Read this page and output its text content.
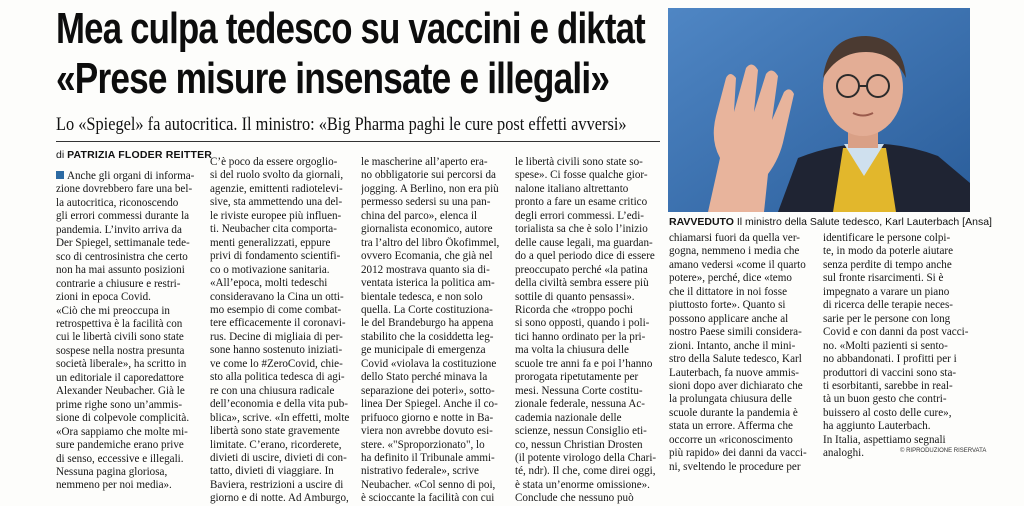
Mea culpa tedesco su vaccini e diktat
«Prese misure insensate e illegali»
Lo «Spiegel» fa autocritica. Il ministro: «Big Pharma paghi le cure post effetti avversi»
di PATRIZIA FLODER REITTER
Anche gli organi di informa-
zione dovrebbero fare una bel-
la autocritica, riconoscendo
gli errori commessi durante la
pandemia. L’invito arriva da
Der Spiegel, settimanale tede-
sco di centrosinistra che certo
non ha mai assunto posizioni
contrarie a chiusure e restri-
zioni in epoca Covid.
«Ciò che mi preoccupa in
retrospettiva è la facilità con
cui le libertà civili sono state
sospese nella nostra presunta
società liberale», ha scritto in
un editoriale il caporedattore
Alexander Neubacher. Già le
prime righe sono un’ammis-
sione di colpevole complicità.
«Ora sappiamo che molte mi-
sure pandemiche erano prive
di senso, eccessive e illegali.
Nessuna pagina gloriosa,
nemmeno per noi media».
C’è poco da essere orgoglio-
si del ruolo svolto da giornali,
agenzie, emittenti radiotelevi-
sive, sta ammettendo una del-
le riviste europee più influen-
ti. Neubacher cita comporta-
menti generalizzati, eppure
privi di fondamento scientifi-
co o motivazione sanitaria.
«All’epoca, molti tedeschi
consideravano la Cina un otti-
mo esempio di come combat-
tere efficacemente il coronavi-
rus. Decine di migliaia di per-
sone hanno sostenuto iniziati-
ve come lo #ZeroCovid, chie-
sto alla politica tedesca di agi-
re con una chiusura radicale
dell’economia e della vita pub-
blica», scrive. «In effetti, molte
libertà sono state gravemente
limitate. C’erano, ricorderete,
divieti di uscire, divieti di con-
tatto, divieti di viaggiare. In
Baviera, restrizioni a uscire di
giorno e di notte. Ad Amburgo,
le mascherine all’aperto era-
no obbligatorie sui percorsi da
jogging. A Berlino, non era più
permesso sedersi su una pan-
china del parco», elenca il
giornalista economico, autore
tra l’altro del libro Ökofimmel,
ovvero Ecomania, che già nel
2012 mostrava quanto sia di-
ventata isterica la politica am-
bientale tedesca, e non solo
quella. La Corte costituziona-
le del Brandeburgo ha appena
stabilito che la cosiddetta leg-
ge municipale di emergenza
Covid «violava la costituzione
dello Stato perché minava la
separazione dei poteri», sotto-
linea Der Spiegel. Anche il co-
prifuoco giorno e notte in Ba-
viera non avrebbe dovuto esi-
stere. «"Sproporzionato", lo
ha definito il Tribunale ammi-
nistrativo federale», scrive
Neubacher. «Col senno di poi,
è scioccante la facilità con cui
le libertà civili sono state so-
spese». Ci fosse qualche gior-
nalone italiano altrettanto
pronto a fare un esame critico
degli errori commessi. L’edi-
torialista sa che è solo l’inizio
delle cause legali, ma guardan-
do a quel periodo dice di essere
preoccupato perché «la patina
della civiltà sembra essere più
sottile di quanto pensassi».
Ricorda che «troppo pochi
si sono opposti, quando i poli-
tici hanno ordinato per la pri-
ma volta la chiusura delle
scuole tre anni fa e poi l’hanno
prorogata ripetutamente per
mesi. Nessuna Corte costitu-
zionale federale, nessuna Ac-
cademia nazionale delle
scienze, nessun Consiglio eti-
co, nessun Christian Drosten
(il potente virologo della Chari-
té, ndr). Il che, come direi oggi,
è stata un’enorme omissione».
Conclude che nessuno può
chiamarsi fuori da quella ver-
gogna, nemmeno i media che
amano vedersi «come il quarto
potere», perché, dice «temo
che il dittatore in noi fosse
piuttosto forte». Quanto si
possono applicare anche al
nostro Paese simili considera-
zioni. Intanto, anche il mini-
stro della Salute tedesco, Karl
Lauterbach, fa nuove ammis-
sioni dopo aver dichiarato che
la prolungata chiusura delle
scuole durante la pandemia è
stata un errore. Afferma che
occorre un «riconoscimento
più rapido» dei danni da vacci-
ni, sveltendo le procedure per
identificare le persone colpi-
te, in modo da poterle aiutare
senza perdite di tempo anche
sul fronte risarcimenti. Si è
impegnato a varare un piano
di ricerca delle terapie neces-
sarie per le persone con long
Covid e con danni da post vacci-
no. «Molti pazienti si sento-
no abbandonati. I profitti per i
produttori di vaccini sono sta-
ti esorbitanti, sarebbe in real-
tà un buon gesto che contri-
buissero al costo delle cure»,
ha aggiunto Lauterbach.
In Italia, aspettiamo segnali
analoghi.
RAVVEDUTO Il ministro della Salute tedesco, Karl Lauterbach [Ansa]
© RIPRODUZIONE RISERVATA
